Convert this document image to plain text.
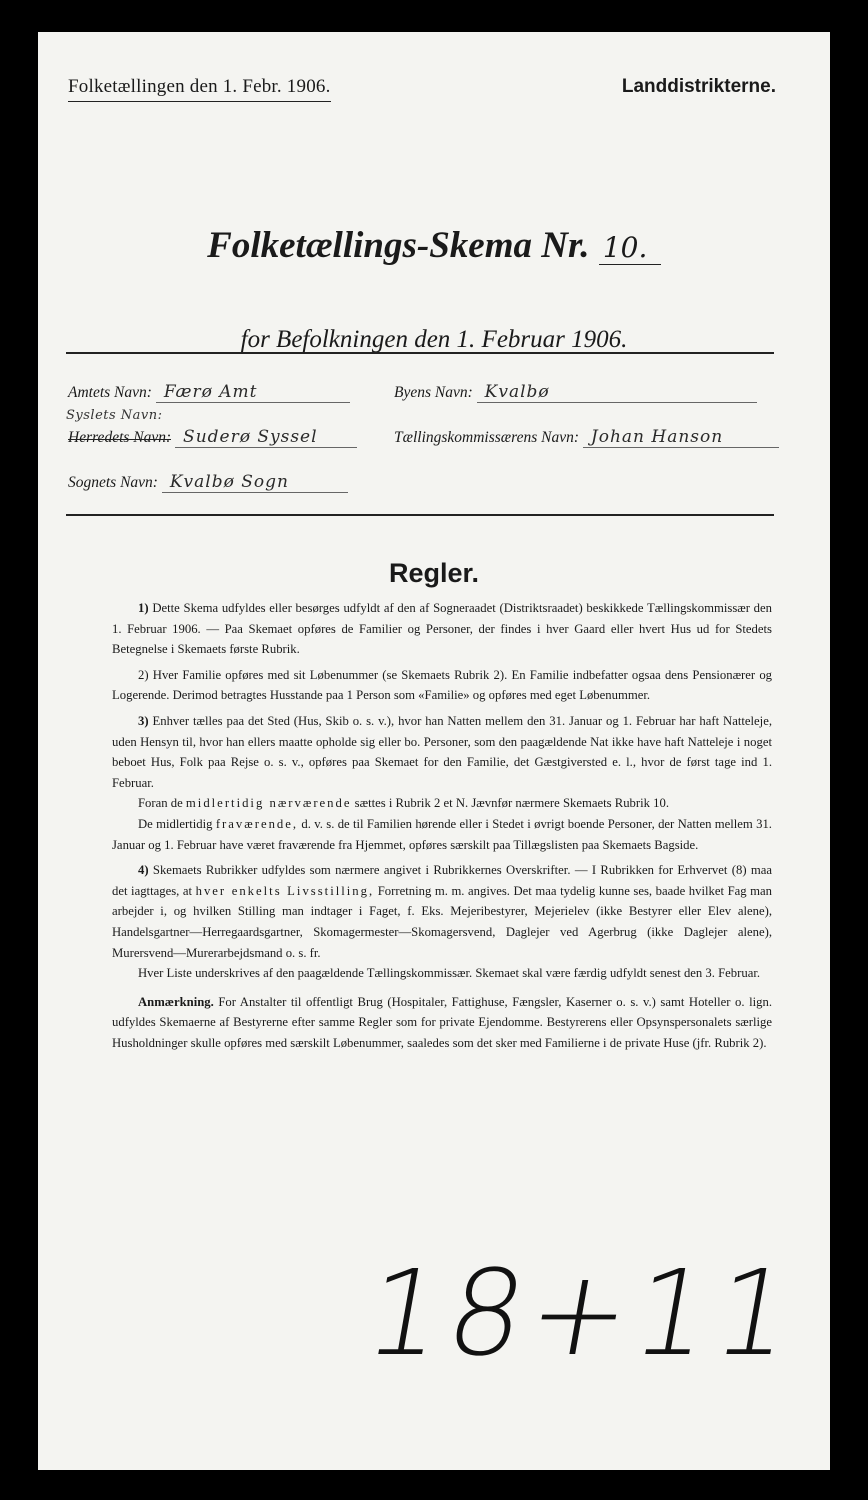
Folketællingen den 1. Febr. 1906.	Landdistrikterne.
Folketællings-Skema Nr. 10.
for Befolkningen den 1. Februar 1906.
Amtets Navn: Færø Amt	Byens Navn: Kvalbø
Syslets Navn:
Herredets Navn: Suderø Syssel	Tællingskommissærens Navn: Johan Hanson
Sognets Navn: Kvalbø Sogn
Regler.

1) Dette Skema udfyldes eller besørges udfyldt af den af Sogneraadet (Distriktsraadet) beskikkede Tællingskommissær den 1. Februar 1906. — Paa Skemaet opføres de Familier og Personer, der findes i hver Gaard eller hvert Hus ud for Stedets Betegnelse i Skemaets første Rubrik.

2) Hver Familie opføres med sit Løbenummer (se Skemaets Rubrik 2). En Familie indbefatter ogsaa dens Pensionærer og Logerende. Derimod betragtes Husstande paa 1 Person som «Familie» og opføres med eget Løbenummer.

3) Enhver tælles paa det Sted (Hus, Skib o. s. v.), hvor han Natten mellem den 31. Januar og 1. Februar har haft Natteleje, uden Hensyn til, hvor han ellers maatte opholde sig eller bo. Personer, som den paagældende Nat ikke have haft Natteleje i noget beboet Hus, Folk paa Rejse o. s. v., opføres paa Skemaet for den Familie, det Gæstgiversted e. l., hvor de først tage ind 1. Februar.

Foran de midlertidig nærværende sættes i Rubrik 2 et N. Jævnfør nærmere Skemaets Rubrik 10.

De midlertidig fraværende, d. v. s. de til Familien hørende eller i Stedet i øvrigt boende Personer, der Natten mellem 31. Januar og 1. Februar have været fraværende fra Hjemmet, opføres særskilt paa Tillægslisten paa Skemaets Bagside.

4) Skemaets Rubrikker udfyldes som nærmere angivet i Rubrikkernes Overskrifter. — I Rubrikken for Erhvervet (8) maa det iagttages, at hver enkelts Livsstilling, Forretning m. m. angives. Det maa tydelig kunne ses, baade hvilket Fag man arbejder i, og hvilken Stilling man indtager i Faget, f. Eks. Mejeribestyrer, Mejerielev (ikke Bestyrer eller Elev alene), Handelsgartner—Herregaardsgartner, Skomagermester—Skomagersvend, Daglejer ved Agerbrug (ikke Daglejer alene), Murersvend—Murerarbejdsmand o. s. fr.

Hver Liste underskrives af den paagældende Tællingskommissær. Skemaet skal være færdig udfyldt senest den 3. Februar.

Anmærkning. For Anstalter til offentligt Brug (Hospitaler, Fattighuse, Fængsler, Kaserner o. s. v.) samt Hoteller o. lign. udfyldes Skemaerne af Bestyrerne efter samme Regler som for private Ejendomme. Bestyrerens eller Opsynspersonalets særlige Husholdninger skulle opføres med særskilt Løbenummer, saaledes som det sker med Familierne i de private Huse (jfr. Rubrik 2).

18+11
